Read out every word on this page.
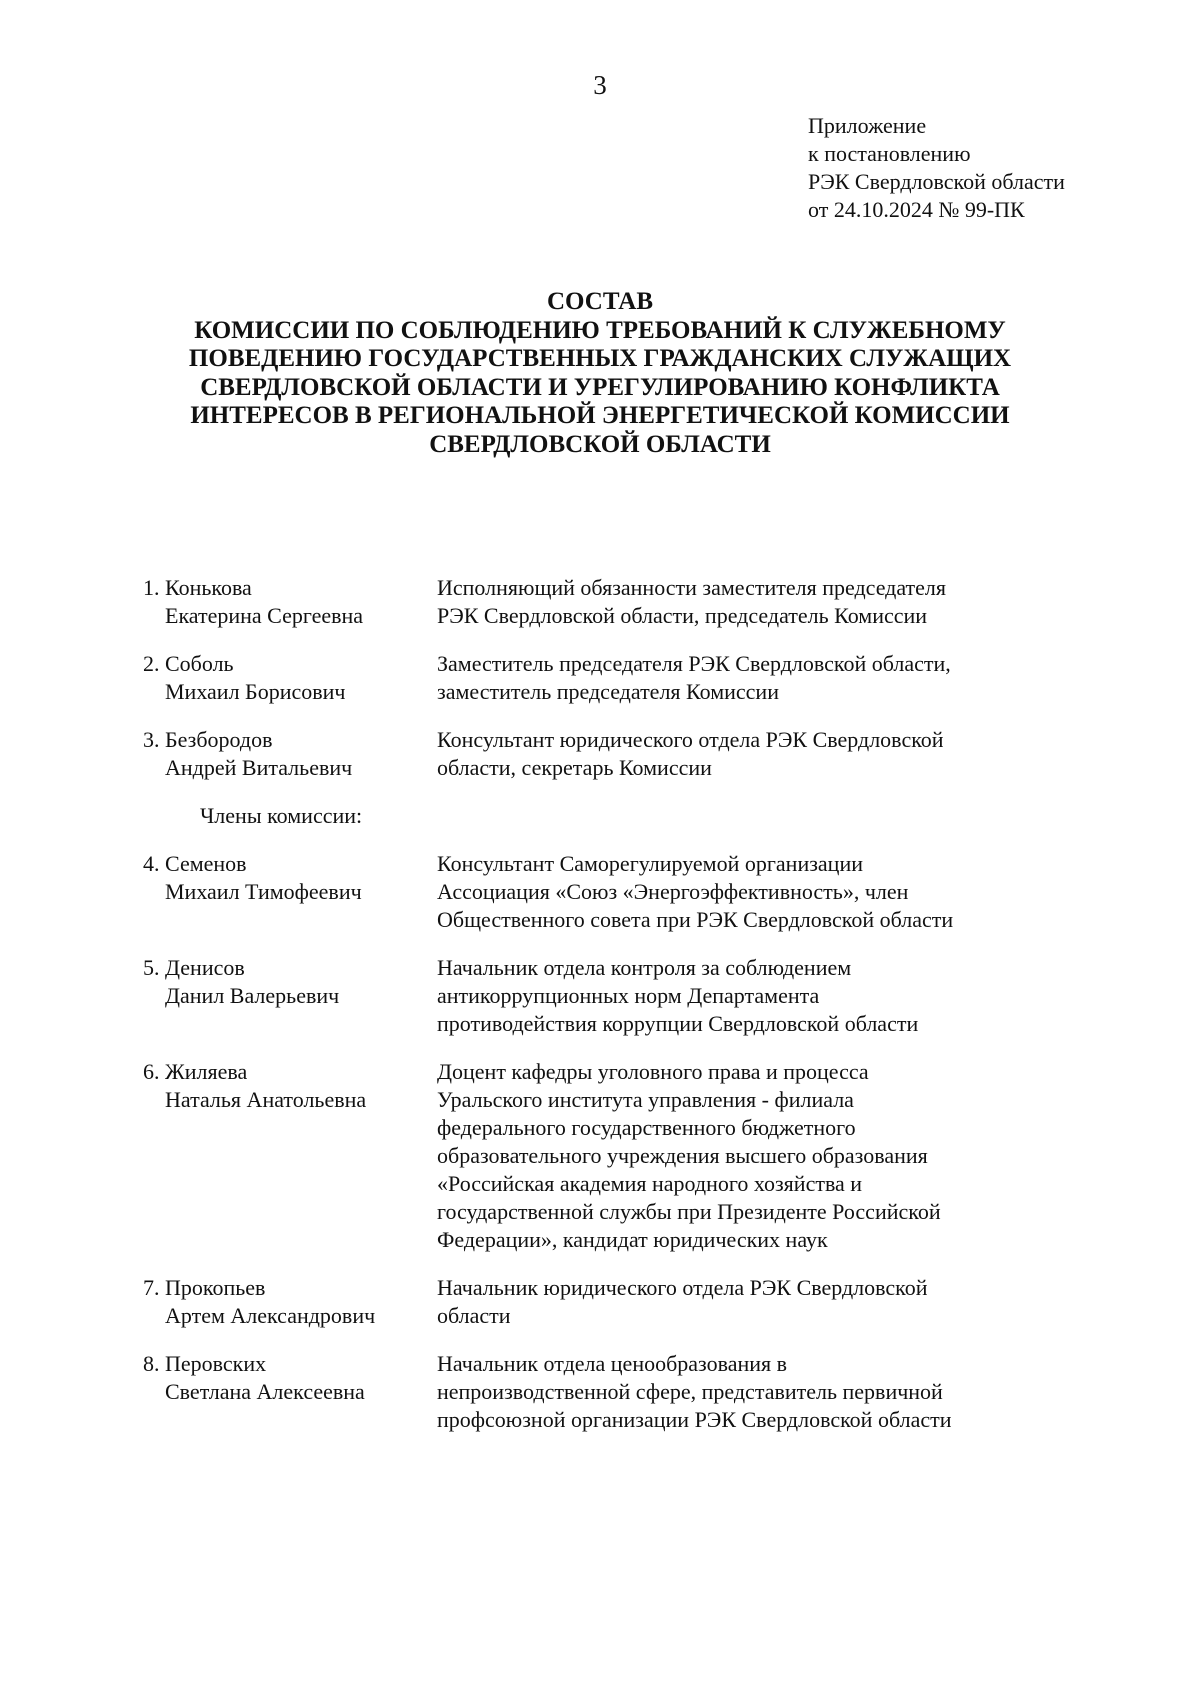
3
Приложение
к постановлению
РЭК Свердловской области
от 24.10.2024 № 99-ПК
СОСТАВ
КОМИССИИ ПО СОБЛЮДЕНИЮ ТРЕБОВАНИЙ К СЛУЖЕБНОМУ
ПОВЕДЕНИЮ ГОСУДАРСТВЕННЫХ ГРАЖДАНСКИХ СЛУЖАЩИХ
СВЕРДЛОВСКОЙ ОБЛАСТИ И УРЕГУЛИРОВАНИЮ КОНФЛИКТА
ИНТЕРЕСОВ В РЕГИОНАЛЬНОЙ ЭНЕРГЕТИЧЕСКОЙ КОМИССИИ
СВЕРДЛОВСКОЙ ОБЛАСТИ
1. Конькова
Екатерина Сергеевна
Исполняющий обязанности заместителя председателя
РЭК Свердловской области, председатель Комиссии
2. Соболь
Михаил Борисович
Заместитель председателя РЭК Свердловской области,
заместитель председателя Комиссии
3. Безбородов
Андрей Витальевич
Консультант юридического отдела РЭК Свердловской
области, секретарь Комиссии
Члены комиссии:
4. Семенов
Михаил Тимофеевич
Консультант Саморегулируемой организации
Ассоциация «Союз «Энергоэффективность», член
Общественного совета при РЭК Свердловской области
5. Денисов
Данил Валерьевич
Начальник отдела контроля за соблюдением
антикоррупционных норм Департамента
противодействия коррупции Свердловской области
6. Жиляева
Наталья Анатольевна
Доцент кафедры уголовного права и процесса
Уральского института управления - филиала
федерального государственного бюджетного
образовательного учреждения высшего образования
«Российская академия народного хозяйства и
государственной службы при Президенте Российской
Федерации», кандидат юридических наук
7. Прокопьев
Артем Александрович
Начальник юридического отдела РЭК Свердловской
области
8. Перовских
Светлана Алексеевна
Начальник отдела ценообразования в
непроизводственной сфере, представитель первичной
профсоюзной организации РЭК Свердловской области
